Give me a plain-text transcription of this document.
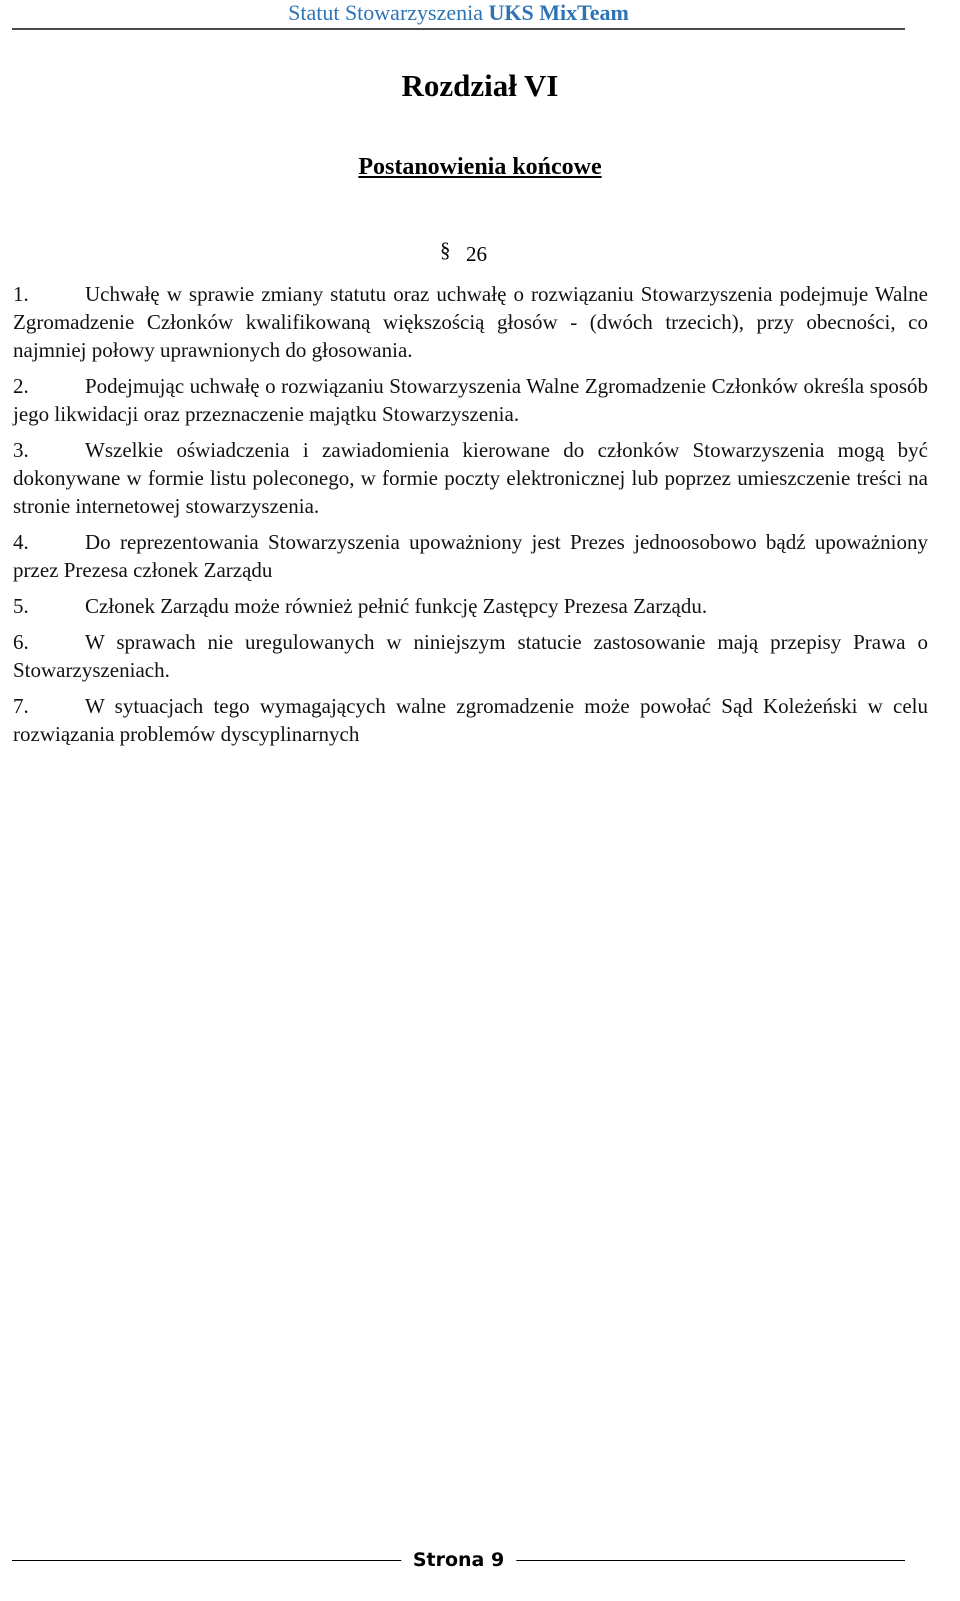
Statut Stowarzyszenia UKS MixTeam
Rozdział VI
Postanowienia końcowe
§ 26

1.	Uchwałę w sprawie zmiany statutu oraz uchwałę o rozwiązaniu Stowarzyszenia podejmuje Walne Zgromadzenie Członków kwalifikowaną większością głosów - (dwóch trzecich), przy obecności, co najmniej połowy uprawnionych do głosowania.

2.	Podejmując uchwałę o rozwiązaniu Stowarzyszenia Walne Zgromadzenie Członków określa sposób jego likwidacji oraz przeznaczenie majątku Stowarzyszenia.

3.	Wszelkie oświadczenia i zawiadomienia kierowane do członków Stowarzyszenia mogą być dokonywane w formie listu poleconego, w formie poczty elektronicznej lub poprzez umieszczenie treści na stronie internetowej stowarzyszenia.

4.	Do reprezentowania Stowarzyszenia upoważniony jest Prezes jednoosobowo bądź upoważniony przez Prezesa członek Zarządu

5.	Członek Zarządu może również pełnić funkcję Zastępcy Prezesa Zarządu.

6.	W sprawach nie uregulowanych w niniejszym statucie zastosowanie mają przepisy Prawa o Stowarzyszeniach.

7.	W sytuacjach tego wymagających walne zgromadzenie może powołać Sąd Koleżeński w celu rozwiązania problemów dyscyplinarnych

Strona 9
